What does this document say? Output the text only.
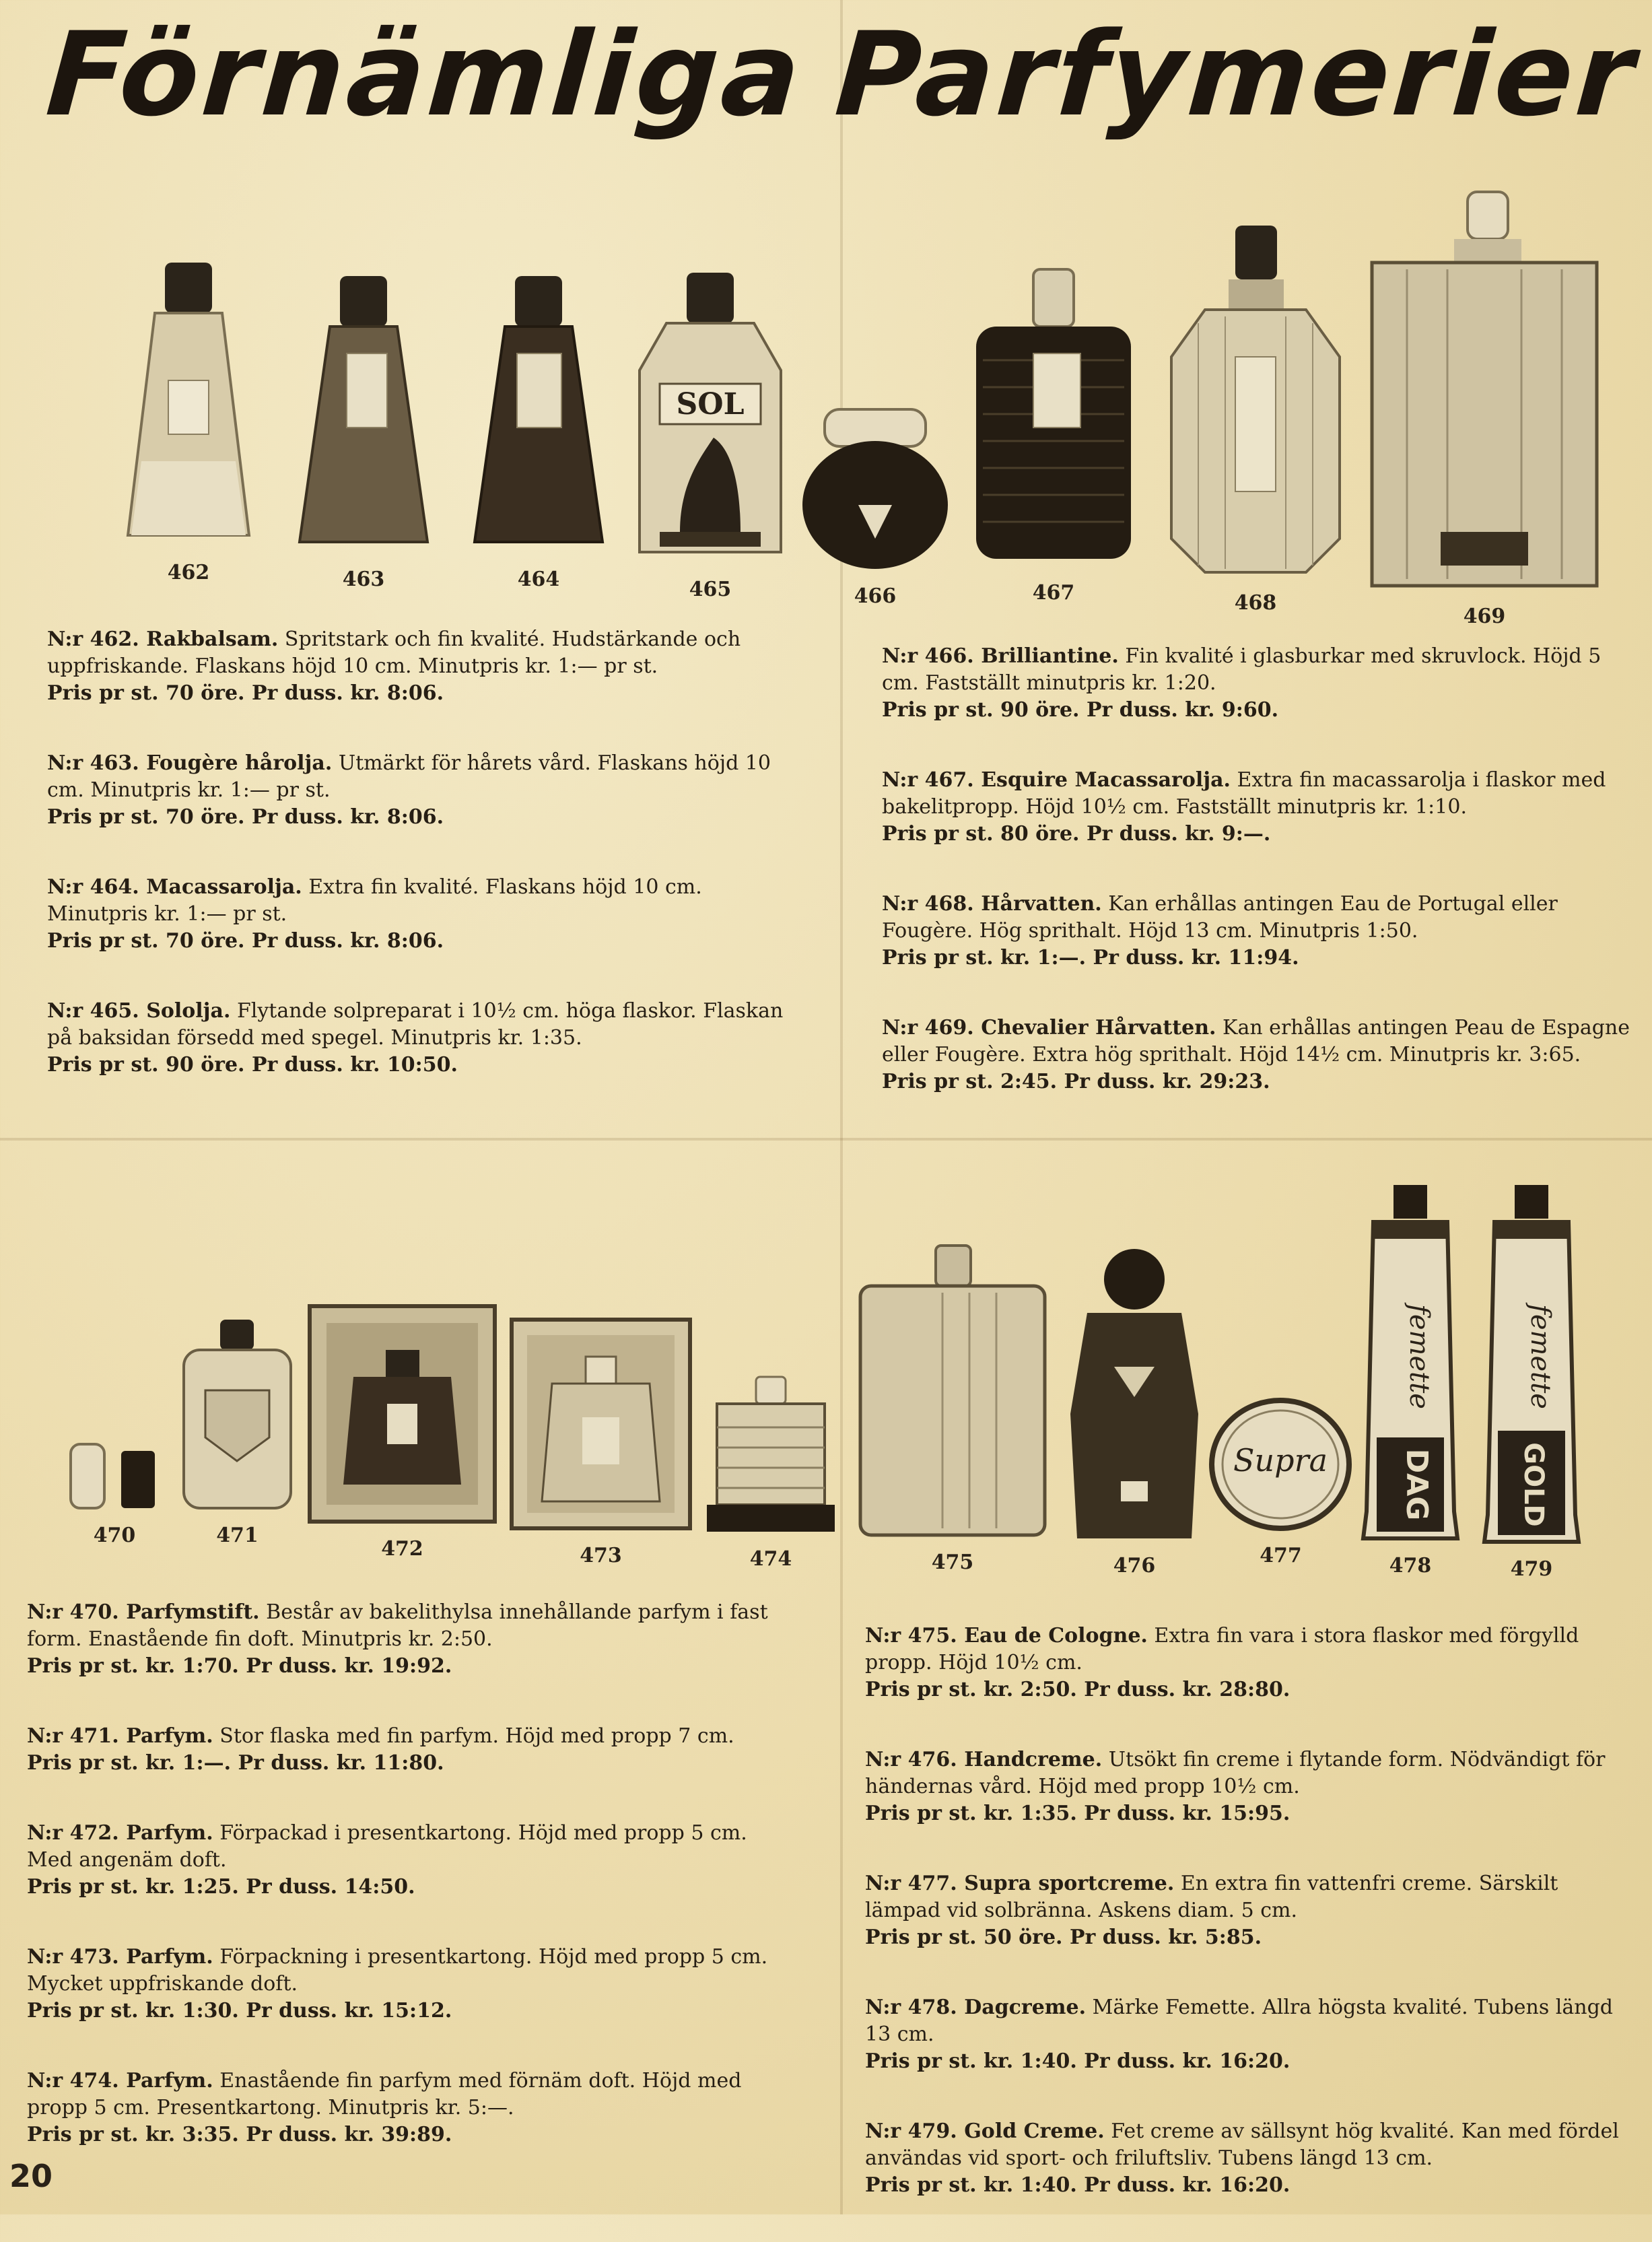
Förnämliga Parfymerier
462	463	464
SOL
465	466	467	468
469

N:r 462. Rakbalsam. Spritstark och fin kvalité. Hudstärkande och uppfriskande. Flaskans höjd 10 cm. Minutpris kr. 1:— pr st.

Pris pr st. 70 öre. Pr duss. kr. 8:06.

N:r 463. Fougère hårolja. Utmärkt för hårets vård. Flaskans höjd 10 cm. Minutpris kr. 1:— pr st.

Pris pr st. 70 öre. Pr duss. kr. 8:06.

N:r 464. Macassarolja. Extra fin kvalité. Flaskans höjd 10 cm. Minutpris kr. 1:— pr st.

Pris pr st. 70 öre. Pr duss. kr. 8:06.

N:r 465. Sololja. Flytande solpreparat i 10½ cm. höga flaskor. Flaskan på baksidan försedd med spegel. Minutpris kr. 1:35.

Pris pr st. 90 öre. Pr duss. kr. 10:50.

N:r 466. Brilliantine. Fin kvalité i glasburkar med skruvlock. Höjd 5 cm. Fastställt minutpris kr. 1:20.

Pris pr st. 90 öre. Pr duss. kr. 9:60.

N:r 467. Esquire Macassarolja. Extra fin macassarolja i flaskor med bakelitpropp. Höjd 10½ cm. Fastställt minutpris kr. 1:10.

Pris pr st. 80 öre. Pr duss. kr. 9:—.

N:r 468. Hårvatten. Kan erhållas antingen Eau de Portugal eller Fougère. Hög sprithalt. Höjd 13 cm. Minutpris 1:50.

Pris pr st. kr. 1:—. Pr duss. kr. 11:94.

N:r 469. Chevalier Hårvatten. Kan erhållas antingen Peau de Espagne eller Fougère. Extra hög sprithalt. Höjd 14½ cm. Minutpris kr. 3:65.

Pris pr st. 2:45. Pr duss. kr. 29:23.
470	471
472	473	474	475	476
Supra
477
femette
DAG
478
femette
GOLD
479

N:r 470. Parfymstift. Består av bakelithylsa innehållande parfym i fast form. Enastående fin doft. Minutpris kr. 2:50.

Pris pr st. kr. 1:70. Pr duss. kr. 19:92.

N:r 471. Parfym. Stor flaska med fin parfym. Höjd med propp 7 cm.

Pris pr st. kr. 1:—. Pr duss. kr. 11:80.

N:r 472. Parfym. Förpackad i presentkartong. Höjd med propp 5 cm. Med angenäm doft.

Pris pr st. kr. 1:25. Pr duss. 14:50.

N:r 473. Parfym. Förpackning i presentkartong. Höjd med propp 5 cm. Mycket uppfriskande doft.

Pris pr st. kr. 1:30. Pr duss. kr. 15:12.

N:r 474. Parfym. Enastående fin parfym med förnäm doft. Höjd med propp 5 cm. Presentkartong. Minutpris kr. 5:—.

Pris pr st. kr. 3:35. Pr duss. kr. 39:89.

N:r 475. Eau de Cologne. Extra fin vara i stora flaskor med förgylld propp. Höjd 10½ cm.

Pris pr st. kr. 2:50. Pr duss. kr. 28:80.

N:r 476. Handcreme. Utsökt fin creme i flytande form. Nödvändigt för händernas vård. Höjd med propp 10½ cm.

Pris pr st. kr. 1:35. Pr duss. kr. 15:95.

N:r 477. Supra sportcreme. En extra fin vattenfri creme. Särskilt lämpad vid solbränna. Askens diam. 5 cm.

Pris pr st. 50 öre. Pr duss. kr. 5:85.

N:r 478. Dagcreme. Märke Femette. Allra högsta kvalité. Tubens längd 13 cm.

Pris pr st. kr. 1:40. Pr duss. kr. 16:20.

N:r 479. Gold Creme. Fet creme av sällsynt hög kvalité. Kan med fördel användas vid sport- och friluftsliv. Tubens längd 13 cm.

Pris pr st. kr. 1:40. Pr duss. kr. 16:20.
20
